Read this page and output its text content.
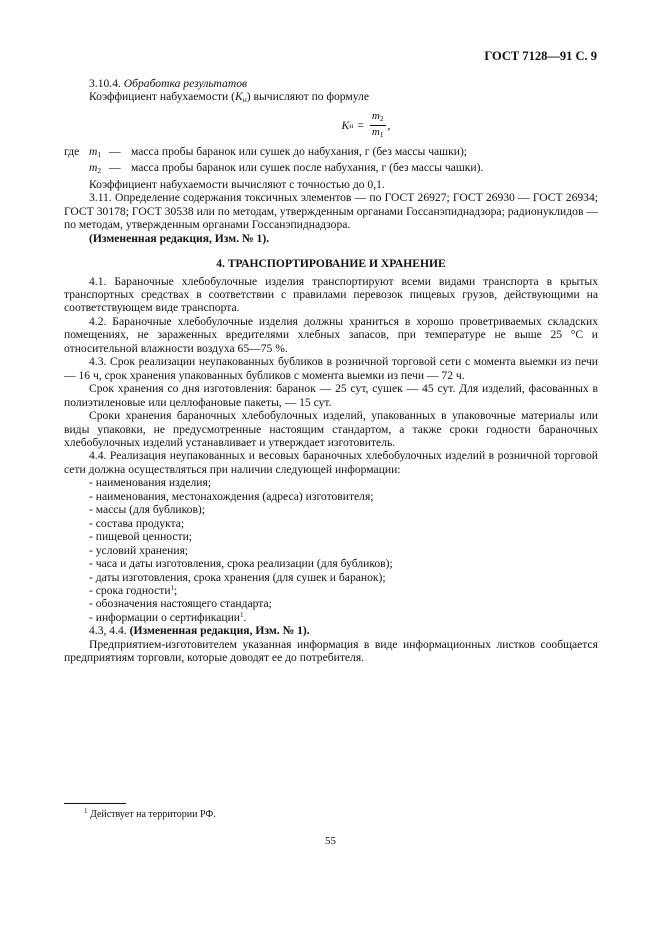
ГОСТ 7128—91 С. 9

3.10.4. Обработка результатов

Коэффициент набухаемости $(K_н)$ вычисляют по формуле

K $н = \frac{m_2}{m_1}$ ,
где $m_1$ — масса пробы баранок или сушек до набухания, г (без массы чашки);
$m_2$ — масса пробы баранок или сушек после набухания, г (без массы чашки).

Коэффициент набухаемости вычисляют с точностью до 0,1.

3.11. Определение содержания токсичных элементов — по ГОСТ 26927; ГОСТ 26930 — ГОСТ 26934; ГОСТ 30178; ГОСТ 30538 или по методам, утвержденным органами Госсанэпиднадзора; радионуклидов — по методам, утвержденным органами Госсанэпиднадзора.

(Измененная редакция, Изм. № 1).

4. ТРАНСПОРТИРОВАНИЕ И ХРАНЕНИЕ

4.1. Бараночные хлебобулочные изделия транспортируют всеми видами транспорта в крытых транспортных средствах в соответствии с правилами перевозок пищевых грузов, действующими на соответствующем виде транспорта.

4.2. Бараночные хлебобулочные изделия должны храниться в хорошо проветриваемых складских помещениях, не зараженных вредителями хлебных запасов, при температуре не выше 25 °С и относительной влажности воздуха 65—75 %.

4.3. Срок реализации неупакованных бубликов в розничной торговой сети с момента выемки из печи — 16 ч, срок хранения упакованных бубликов с момента выемки из печи — 72 ч.

Срок хранения со дня изготовления: баранок — 25 сут, сушек — 45 сут. Для изделий, фасованных в полиэтиленовые или целлофановые пакеты, — 15 сут.

Сроки хранения бараночных хлебобулочных изделий, упакованных в упаковочные материалы или виды упаковки, не предусмотренные настоящим стандартом, а также сроки годности бараночных хлебобулочных изделий устанавливает и утверждает изготовитель.

4.4. Реализация неупакованных и весовых бараночных хлебобулочных изделий в розничной торговой сети должна осуществляться при наличии следующей информации:

- наименования изделия;

- наименования, местонахождения (адреса) изготовителя;

- массы (для бубликов);

- состава продукта;

- пищевой ценности;

- условий хранения;

- часа и даты изготовления, срока реализации (для бубликов);

- даты изготовления, срока хранения (для сушек и баранок);

- срока годности$^1$;

- обозначения настоящего стандарта;

- информации о сертификации$^1$.

4.3, 4.4. (Измененная редакция, Изм. № 1).

Предприятием-изготовителем указанная информация в виде информационных листков сообщается предприятиям торговли, которые доводят ее до потребителя.

$^1$ Действует на территории РФ.
55
